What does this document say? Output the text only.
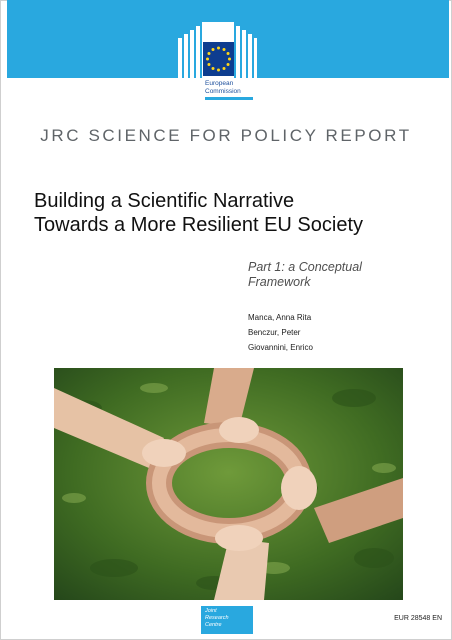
European
Commission
JRC SCIENCE FOR POLICY REPORT
Building a Scientific Narrative
Towards a More Resilient EU Society
Part 1: a Conceptual
Framework
Manca, Anna Rita
Benczur, Peter
Giovannini, Enrico
Joint
Research
Centre
EUR 28548 EN
